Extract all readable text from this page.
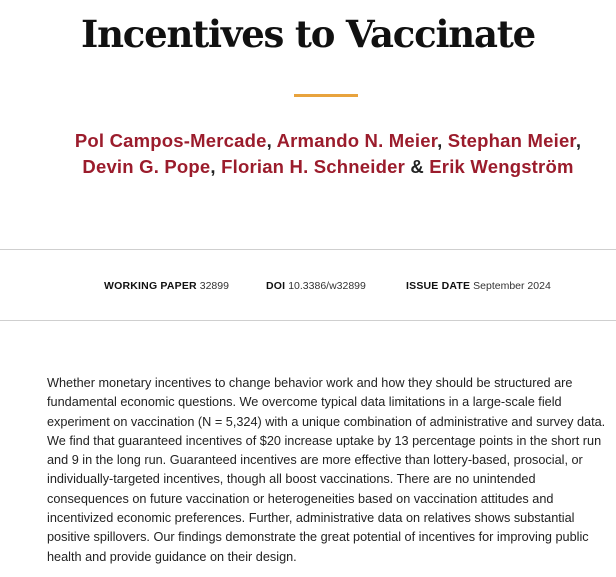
Incentives to Vaccinate
Pol Campos-Mercade, Armando N. Meier, Stephan Meier, Devin G. Pope, Florian H. Schneider & Erik Wengström
WORKING PAPER 32899	DOI 10.3386/w32899	ISSUE DATE September 2024

Whether monetary incentives to change behavior work and how they should be structured are fundamental economic questions. We overcome typical data limitations in a large-scale field experiment on vaccination (N = 5,324) with a unique combination of administrative and survey data. We find that guaranteed incentives of $20 increase uptake by 13 percentage points in the short run and 9 in the long run. Guaranteed incentives are more effective than lottery-based, prosocial, or individually-targeted incentives, though all boost vaccinations. There are no unintended consequences on future vaccination or heterogeneities based on vaccination attitudes and incentivized economic preferences. Further, administrative data on relatives shows substantial positive spillovers. Our findings demonstrate the great potential of incentives for improving public health and provide guidance on their design.
